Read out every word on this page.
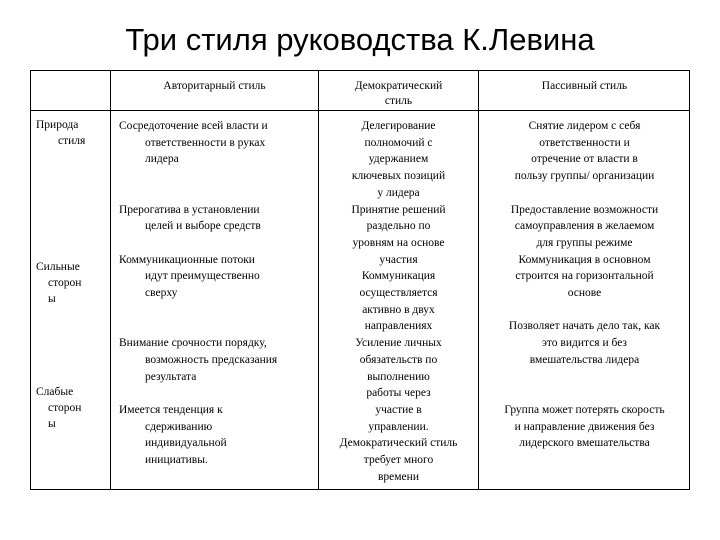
Три стиля руководства К.Левина
Авторитарный стиль	Демократический
стиль
Пассивный стиль
Природа
стиля
Сильные
сторон
ы
Слабые
сторон
ы
Сосредоточение всей власти и
ответственности в руках
лидера

Прерогатива в установлении
целей и выборе средств

Коммуникационные потоки
идут преимущественно
сверху

Внимание срочности порядку,
возможность предсказания
результата

Имеется тенденция к
сдерживанию
индивидуальной
инициативы.
Делегирование
полномочий с
удержанием
ключевых позиций
у лидера
Принятие решений
раздельно по
уровням на основе
участия
Коммуникация
осуществляется
активно в двух
направлениях
Усиление личных
обязательств по
выполнению
работы через
участие в
управлении.
Демократический стиль
требует много
времени
Снятие лидером с себя
ответственности и
отречение от власти в
пользу группы/ организации

Предоставление возможности
самоуправления в желаемом
для группы режиме
Коммуникация в основном
строится на горизонтальной
основе

Позволяет начать дело так, как
это видится и без
вмешательства лидера

Группа может потерять скорость
и направление движения без
лидерского вмешательства
